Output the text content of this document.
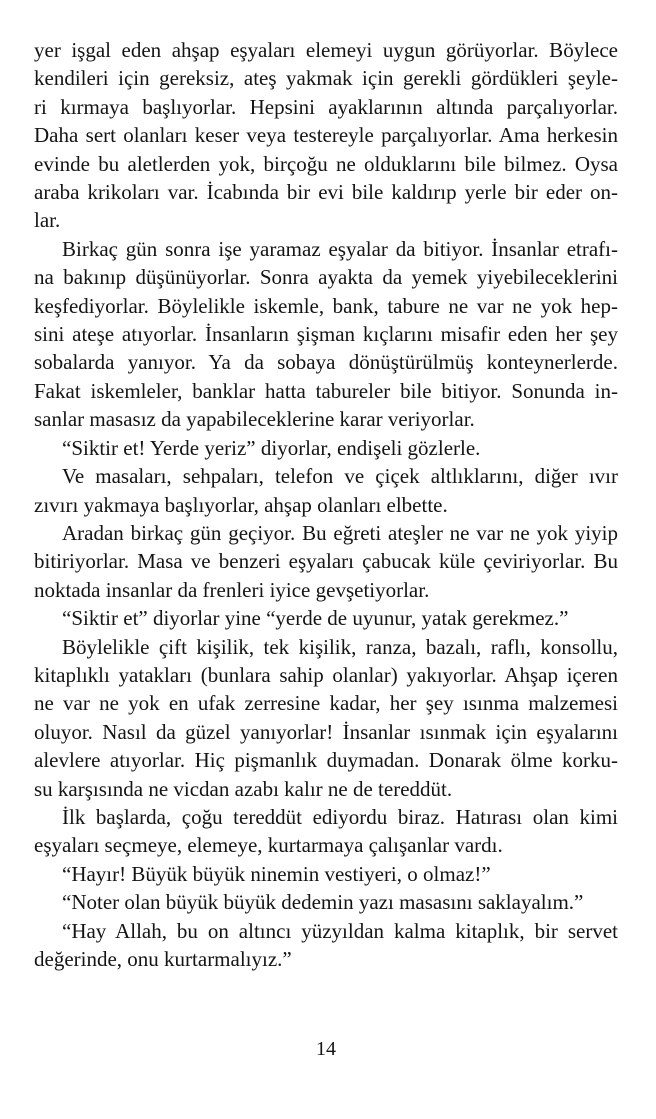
yer işgal eden ahşap eşyaları elemeyi uygun görüyorlar. Böylece
kendileri için gereksiz, ateş yakmak için gerekli gördükleri şeyle-
ri kırmaya başlıyorlar. Hepsini ayaklarının altında parçalıyorlar.
Daha sert olanları keser veya testereyle parçalıyorlar. Ama herkesin
evinde bu aletlerden yok, birçoğu ne olduklarını bile bilmez. Oysa
araba krikoları var. İcabında bir evi bile kaldırıp yerle bir eder on-
lar.
Birkaç gün sonra işe yaramaz eşyalar da bitiyor. İnsanlar etrafı-
na bakınıp düşünüyorlar. Sonra ayakta da yemek yiyebileceklerini
keşfediyorlar. Böylelikle iskemle, bank, tabure ne var ne yok hep-
sini ateşe atıyorlar. İnsanların şişman kıçlarını misafir eden her şey
sobalarda yanıyor. Ya da sobaya dönüştürülmüş konteynerlerde.
Fakat iskemleler, banklar hatta tabureler bile bitiyor. Sonunda in-
sanlar masasız da yapabileceklerine karar veriyorlar.
“Siktir et! Yerde yeriz” diyorlar, endişeli gözlerle.
Ve masaları, sehpaları, telefon ve çiçek altlıklarını, diğer ıvır
zıvırı yakmaya başlıyorlar, ahşap olanları elbette.
Aradan birkaç gün geçiyor. Bu eğreti ateşler ne var ne yok yiyip
bitiriyorlar. Masa ve benzeri eşyaları çabucak küle çeviriyorlar. Bu
noktada insanlar da frenleri iyice gevşetiyorlar.
“Siktir et” diyorlar yine “yerde de uyunur, yatak gerekmez.”
Böylelikle çift kişilik, tek kişilik, ranza, bazalı, raflı, konsollu,
kitaplıklı yatakları (bunlara sahip olanlar) yakıyorlar. Ahşap içeren
ne var ne yok en ufak zerresine kadar, her şey ısınma malzemesi
oluyor. Nasıl da güzel yanıyorlar! İnsanlar ısınmak için eşyalarını
alevlere atıyorlar. Hiç pişmanlık duymadan. Donarak ölme korku-
su karşısında ne vicdan azabı kalır ne de tereddüt.
İlk başlarda, çoğu tereddüt ediyordu biraz. Hatırası olan kimi
eşyaları seçmeye, elemeye, kurtarmaya çalışanlar vardı.
“Hayır! Büyük büyük ninemin vestiyeri, o olmaz!”
“Noter olan büyük büyük dedemin yazı masasını saklayalım.”
“Hay Allah, bu on altıncı yüzyıldan kalma kitaplık, bir servet
değerinde, onu kurtarmalıyız.”
14
